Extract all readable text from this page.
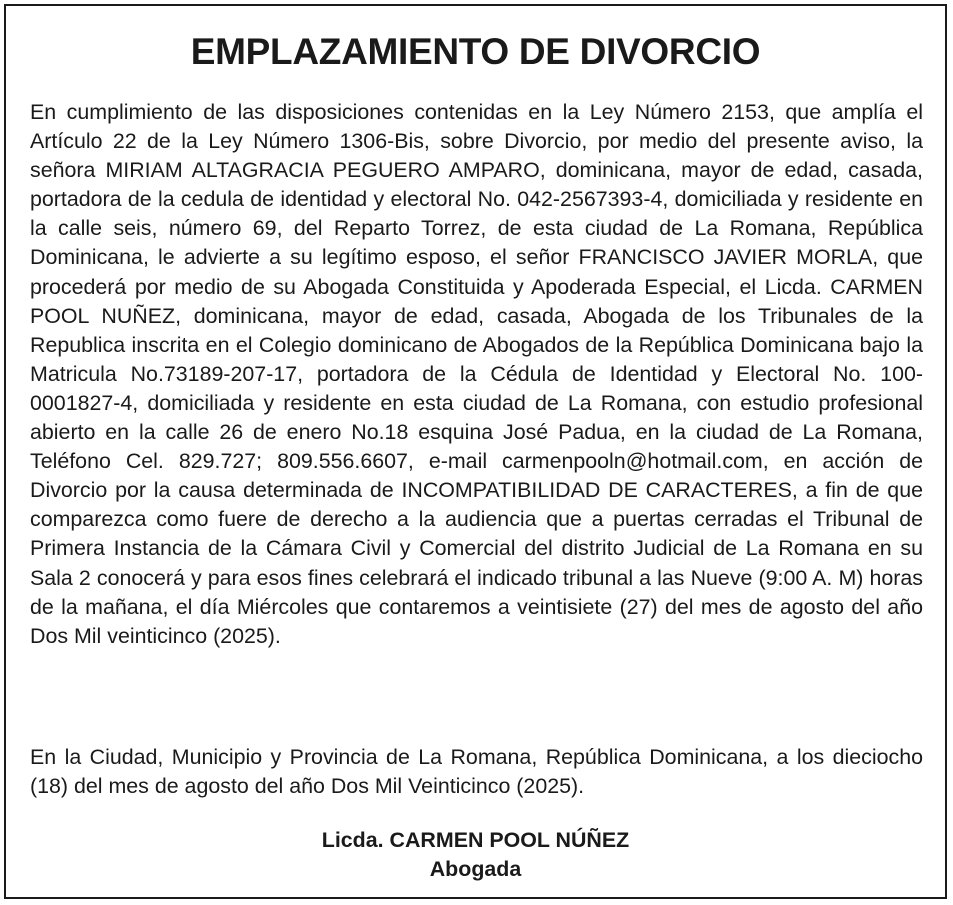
EMPLAZAMIENTO DE DIVORCIO

En cumplimiento de las disposiciones contenidas en la Ley Número 2153, que amplía el Artículo 22 de la Ley Número 1306-Bis, sobre Divorcio, por medio del presente aviso, la señora MIRIAM ALTAGRACIA PEGUERO AMPARO, dominicana, mayor de edad, casada, portadora de la cedula de identidad y electoral No. 042-2567393-4, domiciliada y residente en la calle seis, número 69, del Reparto Torrez, de esta ciudad de La Romana, República Dominicana, le advierte a su legítimo esposo, el señor FRANCISCO JAVIER MORLA, que procederá por medio de su Abogada Constituida y Apoderada Especial, el Licda. CARMEN POOL NUÑEZ, dominicana, mayor de edad, casada, Abogada de los Tribunales de la Republica inscrita en el Colegio dominicano de Abogados de la República Dominicana bajo la Matricula No.73189-207-17, portadora de la Cédula de Identidad y Electoral No. 100-0001827-4, domiciliada y residente en esta ciudad de La Romana, con estudio profesional abierto en la calle 26 de enero No.18 esquina José Padua, en la ciudad de La Romana, Teléfono Cel. 829.727; 809.556.6607, e-mail carmenpooln@hotmail.com, en acción de Divorcio por la causa determinada de INCOMPATIBILIDAD DE CARACTERES, a fin de que comparezca como fuere de derecho a la audiencia que a puertas cerradas el Tribunal de Primera Instancia de la Cámara Civil y Comercial del distrito Judicial de La Romana en su Sala 2 conocerá y para esos fines celebrará el indicado tribunal a las Nueve (9:00 A. M) horas de la mañana, el día Miércoles que contaremos a veintisiete (27) del mes de agosto del año Dos Mil veinticinco (2025).

En la Ciudad, Municipio y Provincia de La Romana, República Dominicana, a los dieciocho (18) del mes de agosto del año Dos Mil Veinticinco (2025).

Licda. CARMEN POOL NÚÑEZ
Abogada
